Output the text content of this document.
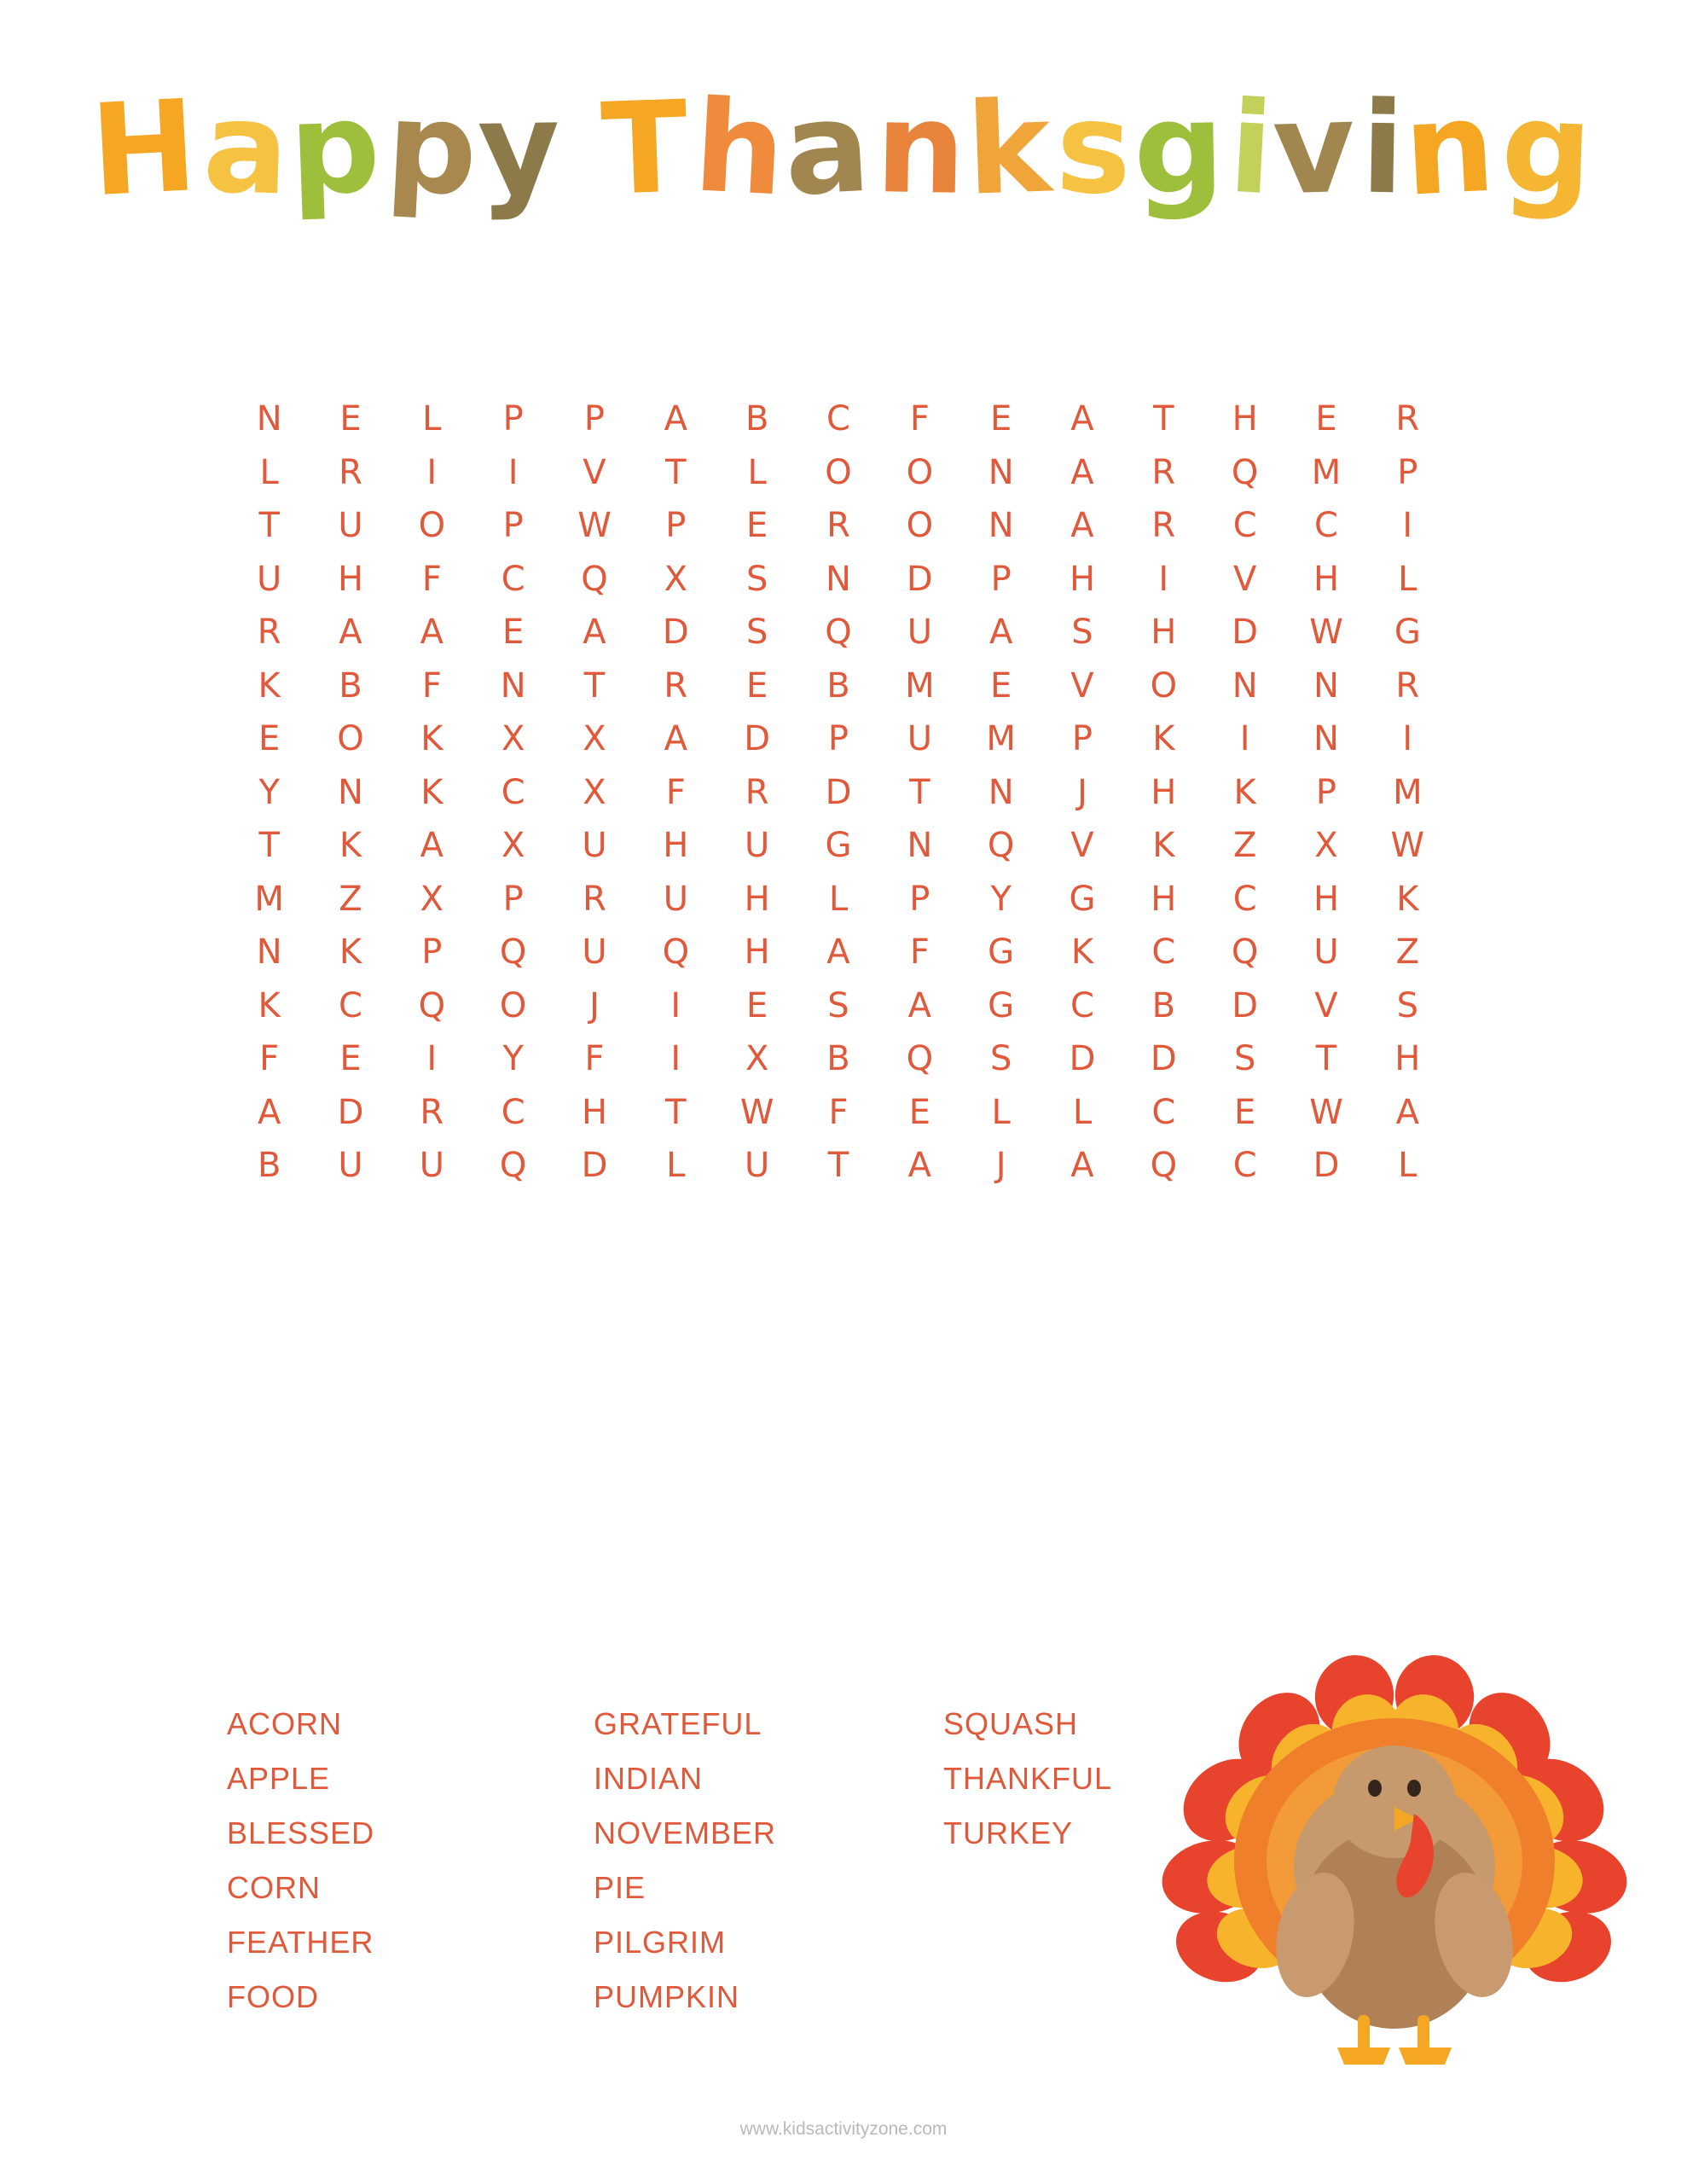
Happy Thanksgiving
N	E	L	P	P	A	B	C	F	E	A	T	H	E	R
L	R	I	I	V	T	L	O	O	N	A	R	Q	M	P
T	U	O	P	W	P	E	R	O	N	A	R	C	C	I
U	H	F	C	Q	X	S	N	D	P	H	I	V	H	L
R	A	A	E	A	D	S	Q	U	A	S	H	D	W	G
K	B	F	N	T	R	E	B	M	E	V	O	N	N	R
E	O	K	X	X	A	D	P	U	M	P	K	I	N	I
Y	N	K	C	X	F	R	D	T	N	J	H	K	P	M
T	K	A	X	U	H	U	G	N	Q	V	K	Z	X	W
M	Z	X	P	R	U	H	L	P	Y	G	H	C	H	K
N	K	P	Q	U	Q	H	A	F	G	K	C	Q	U	Z
K	C	Q	O	J	I	E	S	A	G	C	B	D	V	S
F	E	I	Y	F	I	X	B	Q	S	D	D	S	T	H
A	D	R	C	H	T	W	F	E	L	L	C	E	W	A
B	U	U	Q	D	L	U	T	A	J	A	Q	C	D	L
ACORN
APPLE
BLESSED
CORN
FEATHER
FOOD
GRATEFUL
INDIAN
NOVEMBER
PIE
PILGRIM
PUMPKIN
SQUASH
THANKFUL
TURKEY
www.kidsactivityzone.com
